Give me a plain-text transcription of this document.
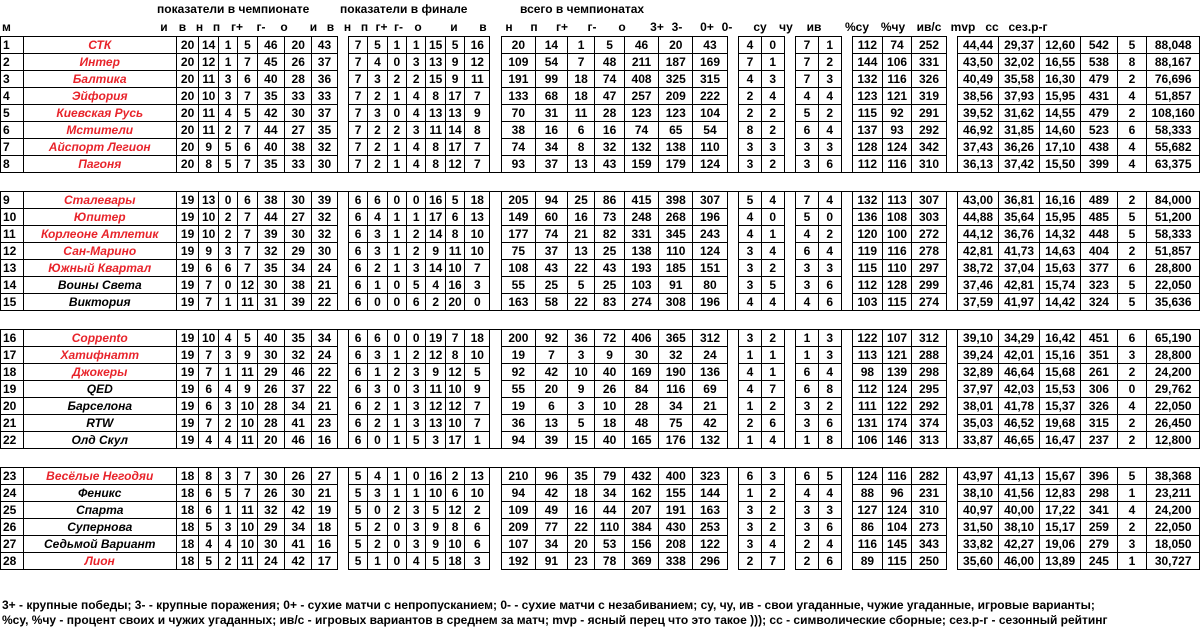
показатели в чемпионате	показатели в финале	всего в чемпионатах
м	и в н п г+	г-	о	и в н п г+ г- о	и	в	н	п	г+	г-	о	3+ 3-	0+ 0-	су	чу	ив	%су %чу ив/с mvp сс сез.р-г
1	СТК	20	14	1	5	46	20	43		7	5	1	1	15	5	16		20	14	1	5	46	20	43		4	0		7	1		112	74	252		44,44	29,37	12,60	542	5	88,048
2	Интер	20	12	1	7	45	26	37		7	4	0	3	13	9	12		109	54	7	48	211	187	169		7	1		7	2		144	106	331		43,50	32,02	16,55	538	8	88,167
3	Балтика	20	11	3	6	40	28	36		7	3	2	2	15	9	11		191	99	18	74	408	325	315		4	3		7	3		132	116	326		40,49	35,58	16,30	479	2	76,696
4	Эйфория	20	10	3	7	35	33	33		7	2	1	4	8	17	7		133	68	18	47	257	209	222		2	4		4	4		123	121	319		38,56	37,93	15,95	431	4	51,857
5	Киевская Русь	20	11	4	5	42	30	37		7	3	0	4	13	13	9		70	31	11	28	123	123	104		2	2		5	2		115	92	291		39,52	31,62	14,55	479	2	108,160
6	Мстители	20	11	2	7	44	27	35		7	2	2	3	11	14	8		38	16	6	16	74	65	54		8	2		6	4		137	93	292		46,92	31,85	14,60	523	6	58,333
7	Айспорт Легион	20	9	5	6	40	38	32		7	2	1	4	8	17	7		74	34	8	32	132	138	110		3	3		3	3		128	124	342		37,43	36,26	17,10	438	4	55,682
8	Пагоня	20	8	5	7	35	33	30		7	2	1	4	8	12	7		93	37	13	43	159	179	124		3	2		3	6		112	116	310		36,13	37,42	15,50	399	4	63,375

9	Сталевары	19	13	0	6	38	30	39		6	6	0	0	16	5	18		205	94	25	86	415	398	307		5	4		7	4		132	113	307		43,00	36,81	16,16	489	2	84,000
10	Юпитер	19	10	2	7	44	27	32		6	4	1	1	17	6	13		149	60	16	73	248	268	196		4	0		5	0		136	108	303		44,88	35,64	15,95	485	5	51,200
11	Корлеоне Атлетик	19	10	2	7	39	30	32		6	3	1	2	14	8	10		177	74	21	82	331	345	243		4	1		4	2		120	100	272		44,12	36,76	14,32	448	5	58,333
12	Сан-Марино	19	9	3	7	32	29	30		6	3	1	2	9	11	10		75	37	13	25	138	110	124		3	4		6	4		119	116	278		42,81	41,73	14,63	404	2	51,857
13	Южный Квартал	19	6	6	7	35	34	24		6	2	1	3	14	10	7		108	43	22	43	193	185	151		3	2		3	3		115	110	297		38,72	37,04	15,63	377	6	28,800
14	Воины Света	19	7	0	12	30	38	21		6	1	0	5	4	16	3		55	25	5	25	103	91	80		3	5		3	6		112	128	299		37,46	42,81	15,74	323	5	22,050
15	Виктория	19	7	1	11	31	39	22		6	0	0	6	2	20	0		163	58	22	83	274	308	196		4	4		4	6		103	115	274		37,59	41,97	14,42	324	5	35,636

16	Соррento	19	10	4	5	40	35	34		6	6	0	0	19	7	18		200	92	36	72	406	365	312		3	2		1	3		122	107	312		39,10	34,29	16,42	451	6	65,190
17	Хатифнатт	19	7	3	9	30	32	24		6	3	1	2	12	8	10		19	7	3	9	30	32	24		1	1		1	3		113	121	288		39,24	42,01	15,16	351	3	28,800
18	Джокеры	19	7	1	11	29	46	22		6	1	2	3	9	12	5		92	42	10	40	169	190	136		4	1		6	4		98	139	298		32,89	46,64	15,68	261	2	24,200
19	QED	19	6	4	9	26	37	22		6	3	0	3	11	10	9		55	20	9	26	84	116	69		4	7		6	8		112	124	295		37,97	42,03	15,53	306	0	29,762
20	Барселона	19	6	3	10	28	34	21		6	2	1	3	12	12	7		19	6	3	10	28	34	21		1	2		3	2		111	122	292		38,01	41,78	15,37	326	4	22,050
21	RTW	19	7	2	10	28	41	23		6	2	1	3	13	10	7		36	13	5	18	48	75	42		2	6		3	6		131	174	374		35,03	46,52	19,68	315	2	26,450
22	Олд Скул	19	4	4	11	20	46	16		6	0	1	5	3	17	1		94	39	15	40	165	176	132		1	4		1	8		106	146	313		33,87	46,65	16,47	237	2	12,800

23	Весёлые Негодяи	18	8	3	7	30	26	27		5	4	1	0	16	2	13		210	96	35	79	432	400	323		6	3		6	5		124	116	282		43,97	41,13	15,67	396	5	38,368
24	Феникс	18	6	5	7	26	30	21		5	3	1	1	10	6	10		94	42	18	34	162	155	144		1	2		4	4		88	96	231		38,10	41,56	12,83	298	1	23,211
25	Спарта	18	6	1	11	32	42	19		5	0	2	3	5	12	2		109	49	16	44	207	191	163		3	2		3	3		127	124	310		40,97	40,00	17,22	341	4	24,200
26	Супернова	18	5	3	10	29	34	18		5	2	0	3	9	8	6		209	77	22	110	384	430	253		3	2		3	6		86	104	273		31,50	38,10	15,17	259	2	22,050
27	Седьмой Вариант	18	4	4	10	30	41	16		5	2	0	3	9	10	6		107	34	20	53	156	208	122		3	4		2	4		116	145	343		33,82	42,27	19,06	279	3	18,050
28	Лион	18	5	2	11	24	42	17		5	1	0	4	5	18	3		192	91	23	78	369	338	296		2	7		2	6		89	115	250		35,60	46,00	13,89	245	1	30,727
3+ - крупные победы; 3- - крупные поражения; 0+ - сухие матчи с непропусканием; 0- - сухие матчи с незабиванием; су, чу, ив - свои угаданные, чужие угаданные, игровые варианты;
%су, %чу - процент своих и чужих угаданных; ив/с - игровых вариантов в среднем за матч; mvp - ясный перец что это такое ))); сс - символические сборные; сез.р-г - сезонный рейтинг
